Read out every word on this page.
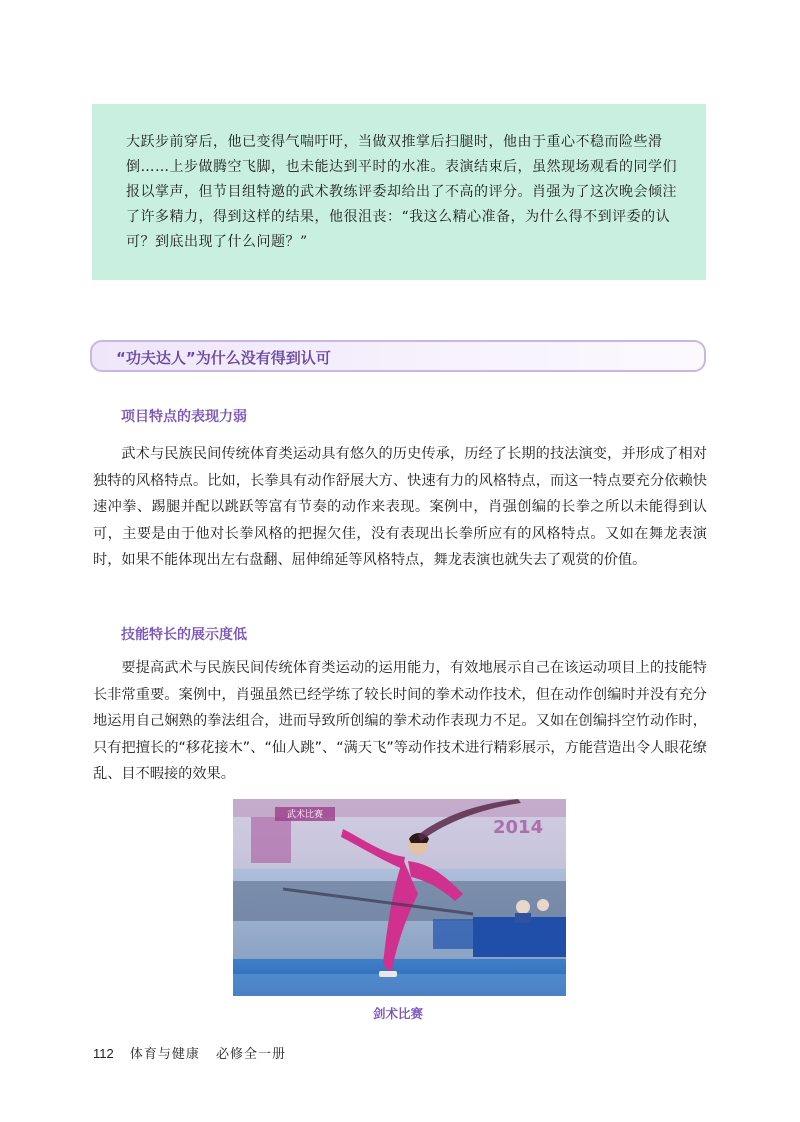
大跃步前穿后，他已变得气喘吁吁，当做双推掌后扫腿时，他由于重心不稳而险些滑倒……上步做腾空飞脚，也未能达到平时的水准。表演结束后，虽然现场观看的同学们报以掌声，但节目组特邀的武术教练评委却给出了不高的评分。肖强为了这次晚会倾注了许多精力，得到这样的结果，他很沮丧：“我这么精心准备，为什么得不到评委的认可？到底出现了什么问题？”

“功夫达人”为什么没有得到认可
项目特点的表现力弱

武术与民族民间传统体育类运动具有悠久的历史传承，历经了长期的技法演变，并形成了相对独特的风格特点。比如，长拳具有动作舒展大方、快速有力的风格特点，而这一特点要充分依赖快速冲拳、踢腿并配以跳跃等富有节奏的动作来表现。案例中，肖强创编的长拳之所以未能得到认可，主要是由于他对长拳风格的把握欠佳，没有表现出长拳所应有的风格特点。又如在舞龙表演时，如果不能体现出左右盘翻、屈伸绵延等风格特点，舞龙表演也就失去了观赏的价值。

技能特长的展示度低

要提高武术与民族民间传统体育类运动的运用能力，有效地展示自己在该运动项目上的技能特长非常重要。案例中，肖强虽然已经学练了较长时间的拳术动作技术，但在动作创编时并没有充分地运用自己娴熟的拳法组合，进而导致所创编的拳术动作表现力不足。又如在创编抖空竹动作时，只有把擅长的“移花接木”、“仙人跳”、“满天飞”等动作技术进行精彩展示，方能营造出令人眼花缭乱、目不暇接的效果。

武术比赛
2014
剑术比赛
112 体育与健康 必修全一册
